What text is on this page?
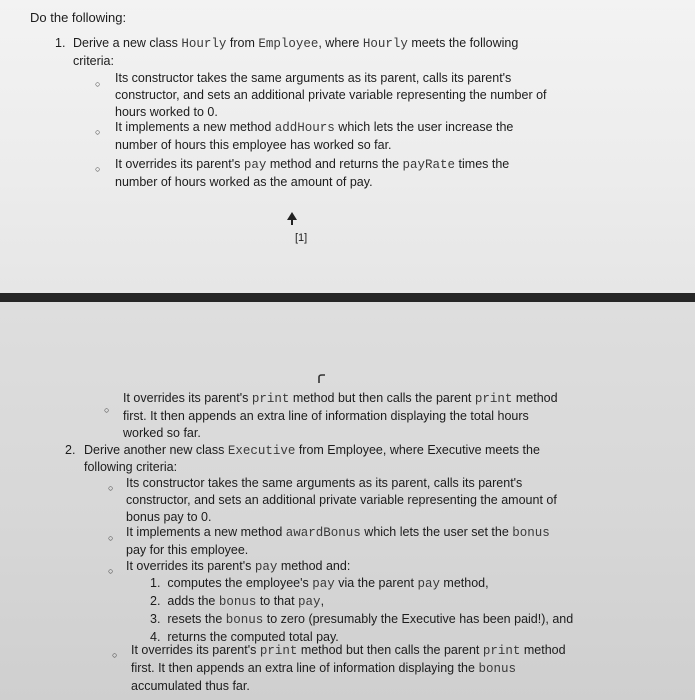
Do the following:
1. Derive a new class Hourly from Employee, where Hourly meets the following
criteria:
○ Its constructor takes the same arguments as its parent, calls its parent's
constructor, and sets an additional private variable representing the number of
hours worked to 0.
○ It implements a new method addHours which lets the user increase the
number of hours this employee has worked so far.
○ It overrides its parent's pay method and returns the payRate times the
number of hours worked as the amount of pay.
[1]
○
It overrides its parent's print method but then calls the parent print method
first. It then appends an extra line of information displaying the total hours
worked so far.
2. Derive another new class Executive from Employee, where Executive meets the
following criteria:
○ Its constructor takes the same arguments as its parent, calls its parent's
constructor, and sets an additional private variable representing the amount of
bonus pay to 0.
○ It implements a new method awardBonus which lets the user set the bonus
pay for this employee.
○ It overrides its parent's pay method and:
1. computes the employee's pay via the parent pay method,
2. adds the bonus to that pay,
3. resets the bonus to zero (presumably the Executive has been paid!), and
4. returns the computed total pay.
○ It overrides its parent's print method but then calls the parent print method
first. It then appends an extra line of information displaying the bonus
accumulated thus far.
